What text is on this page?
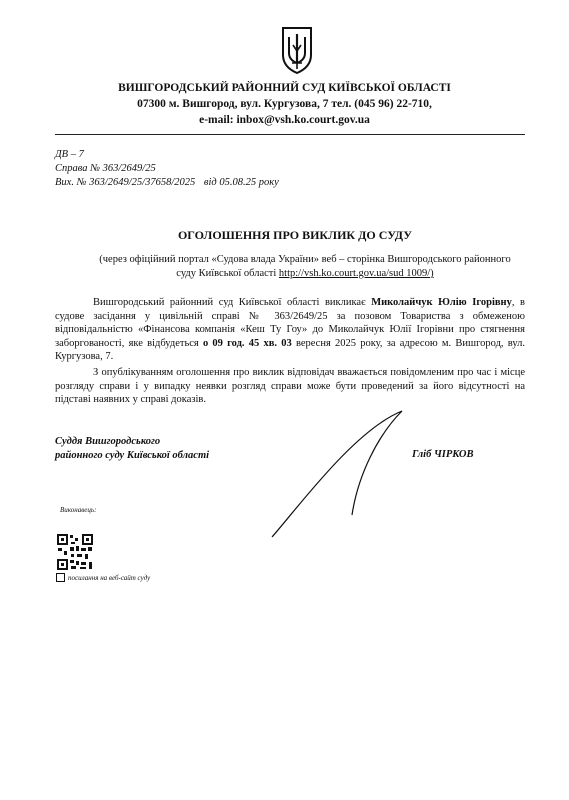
ВИШГОРОДСЬКИЙ РАЙОННИЙ СУД КИЇВСЬКОЇ ОБЛАСТІ
07300 м. Вишгород, вул. Кургузова, 7 тел. (045 96) 22-710,
e-mail: inbox@vsh.ko.court.gov.ua
ДВ – 7
Справа № 363/2649/25
Вих. № 363/2649/25/37658/2025 від 05.08.25 року
ОГОЛОШЕННЯ ПРО ВИКЛИК ДО СУДУ
(через офіційний портал «Судова влада України» веб – сторінка Вишгородського районного
суду Київської області http://vsh.ko.court.gov.ua/sud 1009/)
Вишгородський районний суд Київської області викликає Миколайчук Юлію Ігорівну, в судове засідання у цивільній справі № 363/2649/25 за позовом Товариства з обмеженою відповідальністю «Фінансова компанія «Кеш Ту Гоу» до Миколайчук Юлії Ігорівни про стягнення заборгованості, яке відбудеться о 09 год. 45 хв. 03 вересня 2025 року, за адресою м. Вишгород, вул. Кургузова, 7.
З опублікуванням оголошення про виклик відповідач вважається повідомленим про час і місце розгляду справи і у випадку неявки розгляд справи може бути проведений за його відсутності на підставі наявних у справі доказів.
Суддя Вишгородського
районного суду Київської області	Гліб ЧІРКОВ
Виконавець:
посилання на веб-сайт суду
